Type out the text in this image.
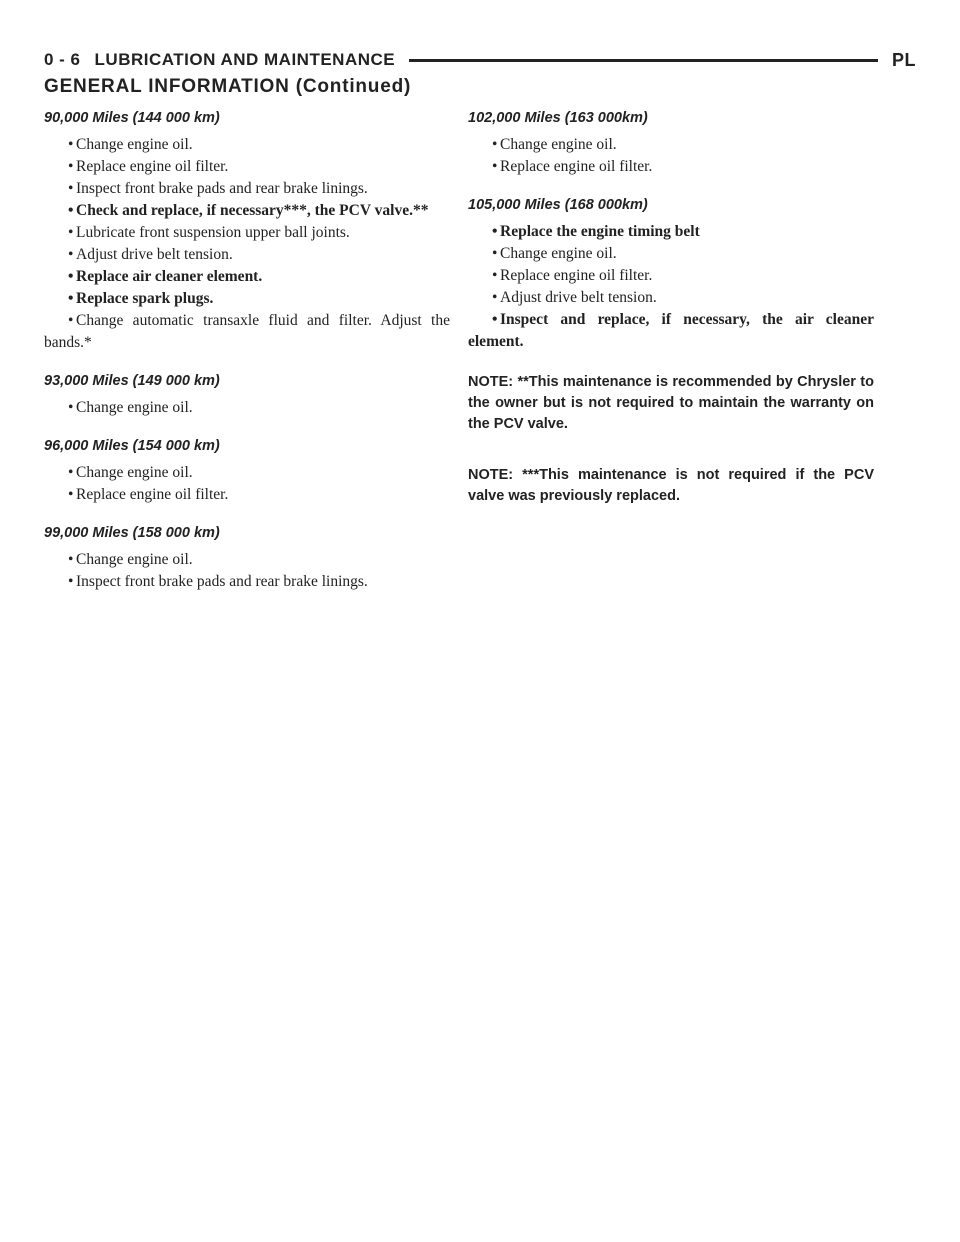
0 - 6 LUBRICATION AND MAINTENANCE	PL
GENERAL INFORMATION (Continued)
90,000 Miles (144 000 km)
• Change engine oil.
• Replace engine oil filter.
• Inspect front brake pads and rear brake linings.
• Check and replace, if necessary***, the PCV valve.**
• Lubricate front suspension upper ball joints.
• Adjust drive belt tension.
• Replace air cleaner element.
• Replace spark plugs.
• Change automatic transaxle fluid and filter. Adjust the bands.*
93,000 Miles (149 000 km)
• Change engine oil.
96,000 Miles (154 000 km)
• Change engine oil.
• Replace engine oil filter.
99,000 Miles (158 000 km)
• Change engine oil.
• Inspect front brake pads and rear brake linings.
102,000 Miles (163 000km)
• Change engine oil.
• Replace engine oil filter.
105,000 Miles (168 000km)
• Replace the engine timing belt
• Change engine oil.
• Replace engine oil filter.
• Adjust drive belt tension.
• Inspect and replace, if necessary, the air cleaner element.

NOTE: **This maintenance is recommended by Chrysler to the owner but is not required to maintain the warranty on the PCV valve.

NOTE: ***This maintenance is not required if the PCV valve was previously replaced.
